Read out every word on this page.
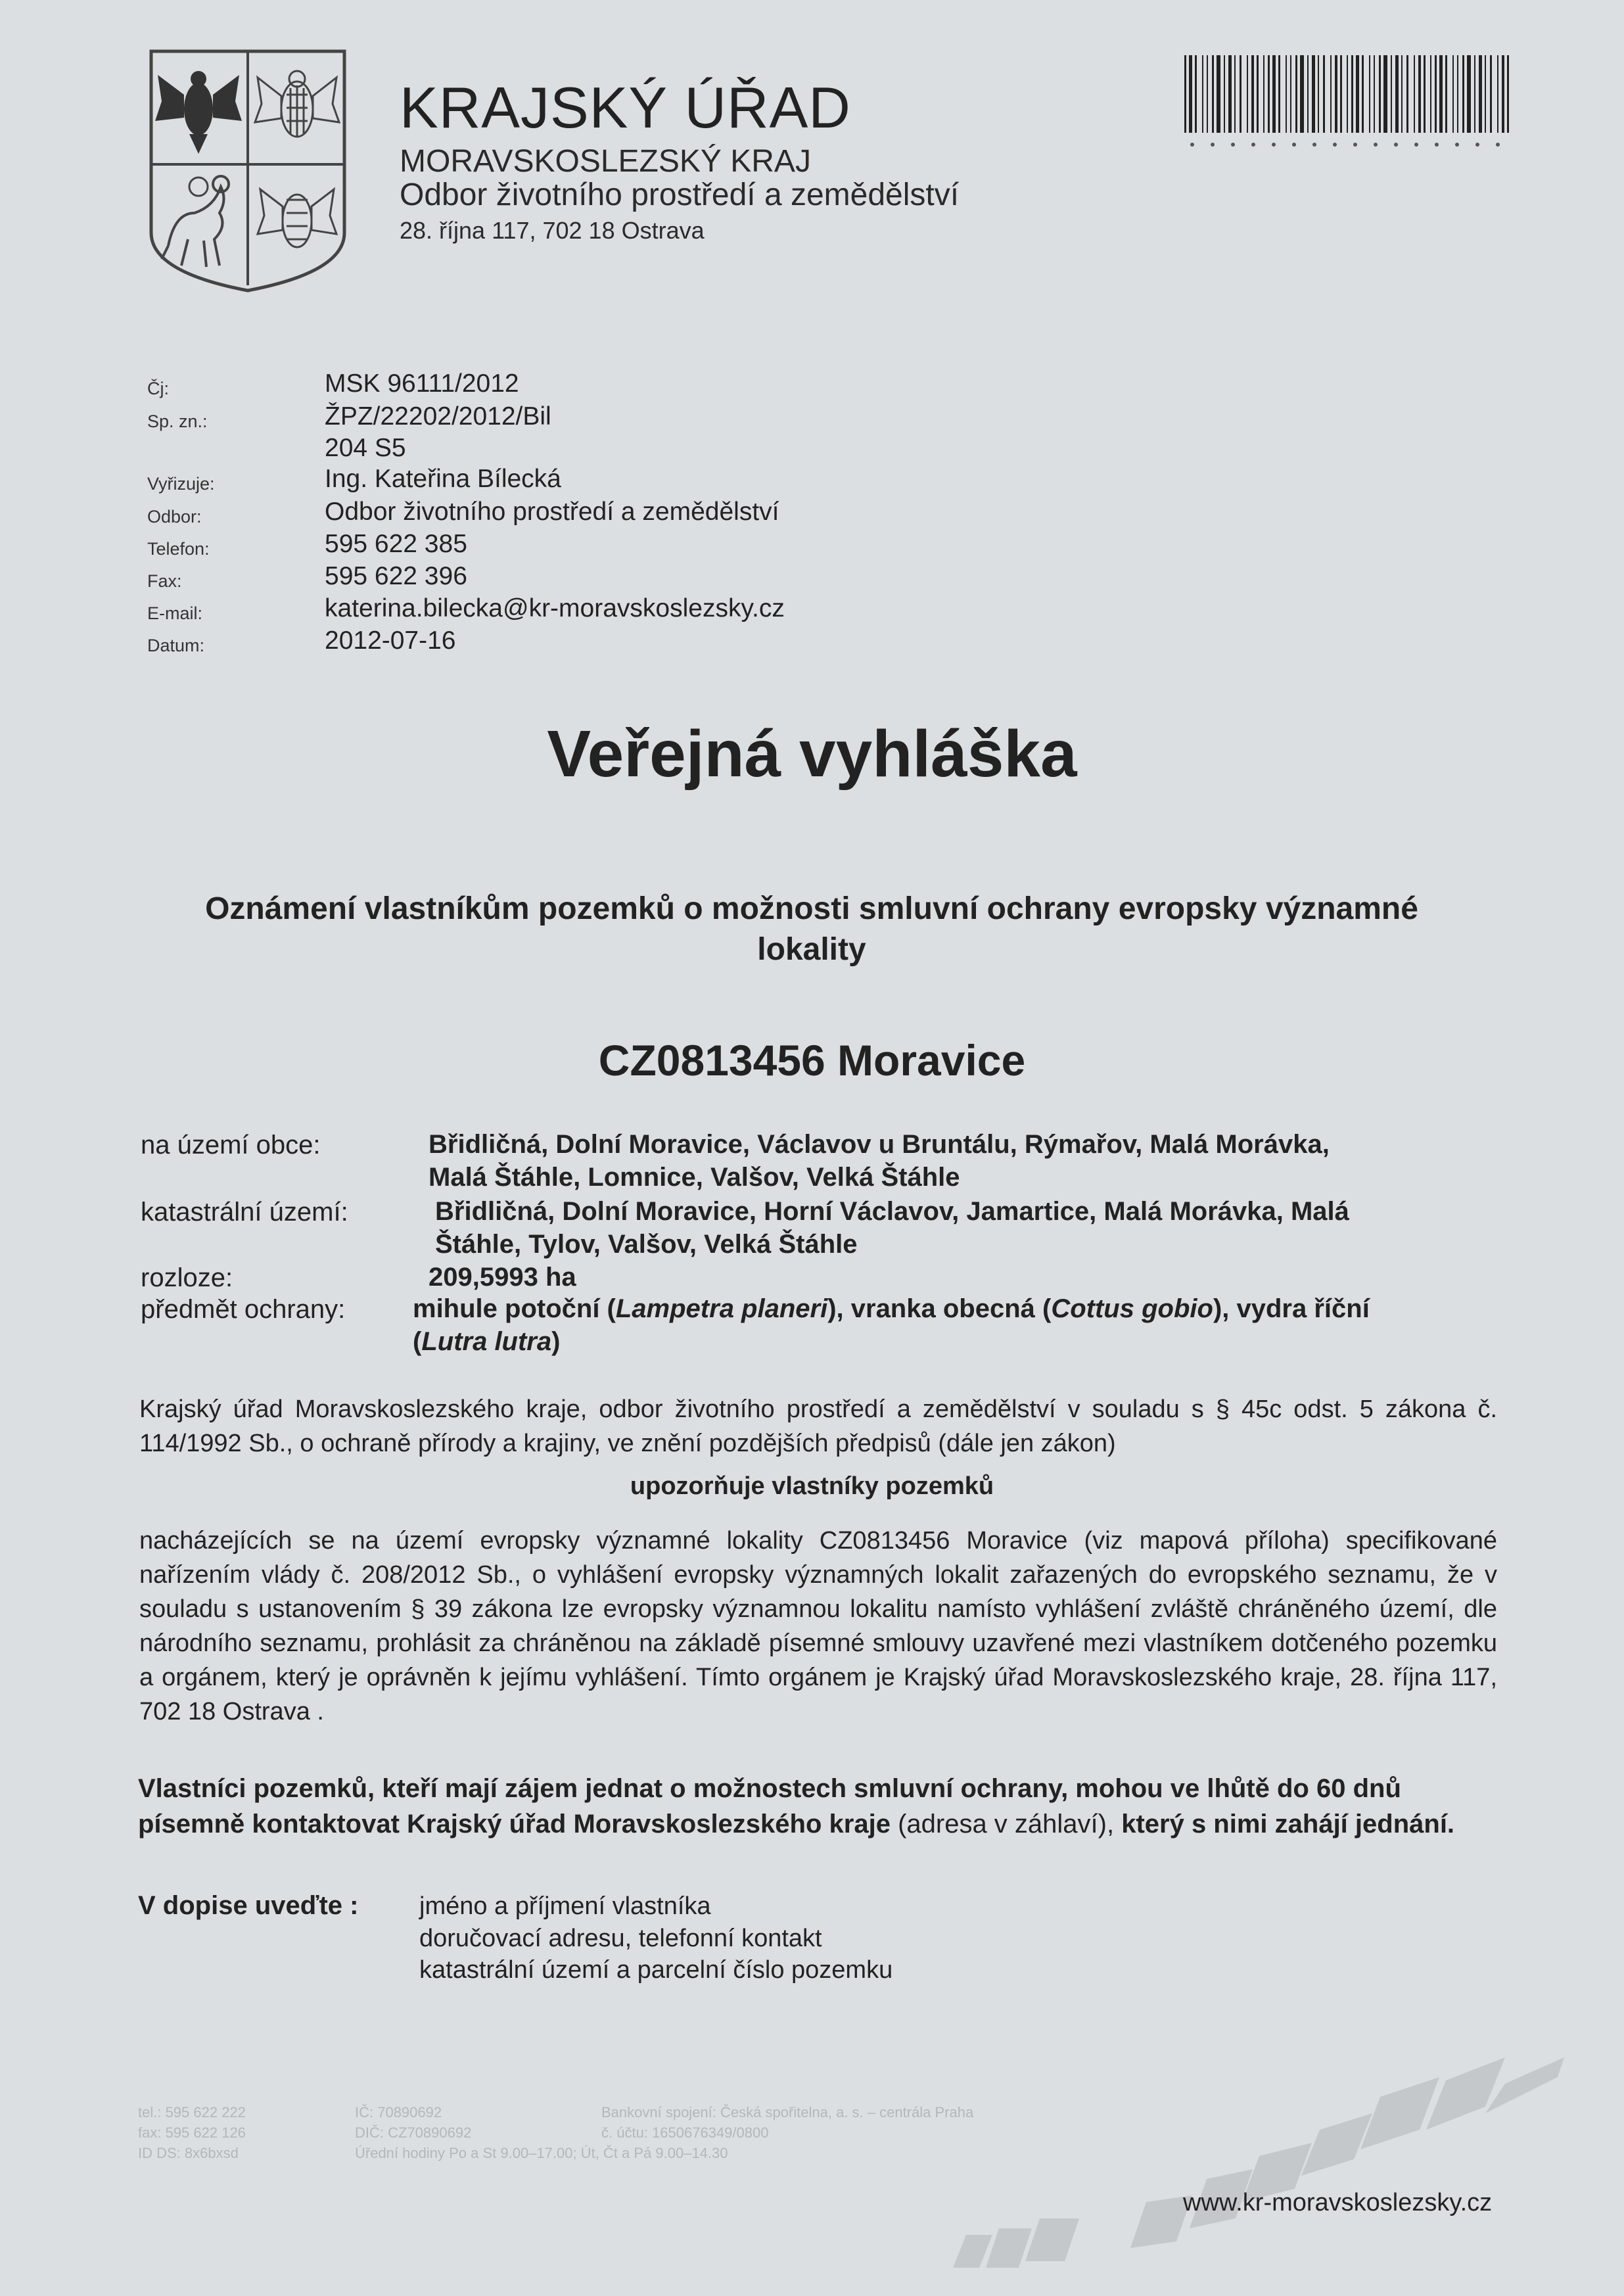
KRAJSKÝ ÚŘAD
MORAVSKOSLEZSKÝ KRAJ
Odbor životního prostředí a zemědělství
28. října 117, 702 18 Ostrava
Čj:	MSK 96111/2012
Sp. zn.:	ŽPZ/22202/2012/Bil
204 S5
Vyřizuje:	Ing. Kateřina Bílecká
Odbor:	Odbor životního prostředí a zemědělství
Telefon:	595 622 385
Fax:	595 622 396
E-mail:	katerina.bilecka@kr-moravskoslezsky.cz
Datum:	2012-07-16
Veřejná vyhláška
Oznámení vlastníkům pozemků o možnosti smluvní ochrany evropsky významné
lokality
CZ0813456 Moravice
na území obce:	Břidličná, Dolní Moravice, Václavov u Bruntálu, Rýmařov, Malá Morávka,
Malá Štáhle, Lomnice, Valšov, Velká Štáhle
katastrální území:	Břidličná, Dolní Moravice, Horní Václavov, Jamartice, Malá Morávka, Malá
Štáhle, Tylov, Valšov, Velká Štáhle
rozloze:	209,5993 ha
předmět ochrany:	mihule potoční (Lampetra planeri), vranka obecná (Cottus gobio), vydra říční
(Lutra lutra)
Krajský úřad Moravskoslezského kraje, odbor životního prostředí a zemědělství v souladu s § 45c odst. 5 zákona č. 114/1992 Sb., o ochraně přírody a krajiny, ve znění pozdějších předpisů (dále jen zákon)
upozorňuje vlastníky pozemků
nacházejících se na území evropsky významné lokality CZ0813456 Moravice (viz mapová příloha) specifikované nařízením vlády č. 208/2012 Sb., o vyhlášení evropsky významných lokalit zařazených do evropského seznamu, že v souladu s ustanovením § 39 zákona lze evropsky významnou lokalitu namísto vyhlášení zvláště chráněného území, dle národního seznamu, prohlásit za chráněnou na základě písemné smlouvy uzavřené mezi vlastníkem dotčeného pozemku a orgánem, který je oprávněn k jejímu vyhlášení. Tímto orgánem je Krajský úřad Moravskoslezského kraje, 28. října 117, 702 18 Ostrava .
Vlastníci pozemků, kteří mají zájem jednat o možnostech smluvní ochrany, mohou ve lhůtě do 60 dnů písemně kontaktovat Krajský úřad Moravskoslezského kraje (adresa v záhlaví), který s nimi zahájí jednání.
V dopise uveďte : jméno a příjmení vlastníka
doručovací adresu, telefonní kontakt
katastrální území a parcelní číslo pozemku
tel.: 595 622 222
fax: 595 622 126
ID DS: 8x6bxsd
IČ: 70890692
DIČ: CZ70890692
Úřední hodiny Po a St 9.00–17.00; Út, Čt a Pá 9.00–14.30
Bankovní spojení: Česká spořitelna, a. s. – centrála Praha
č. účtu: 1650676349/0800
www.kr-moravskoslezsky.cz
